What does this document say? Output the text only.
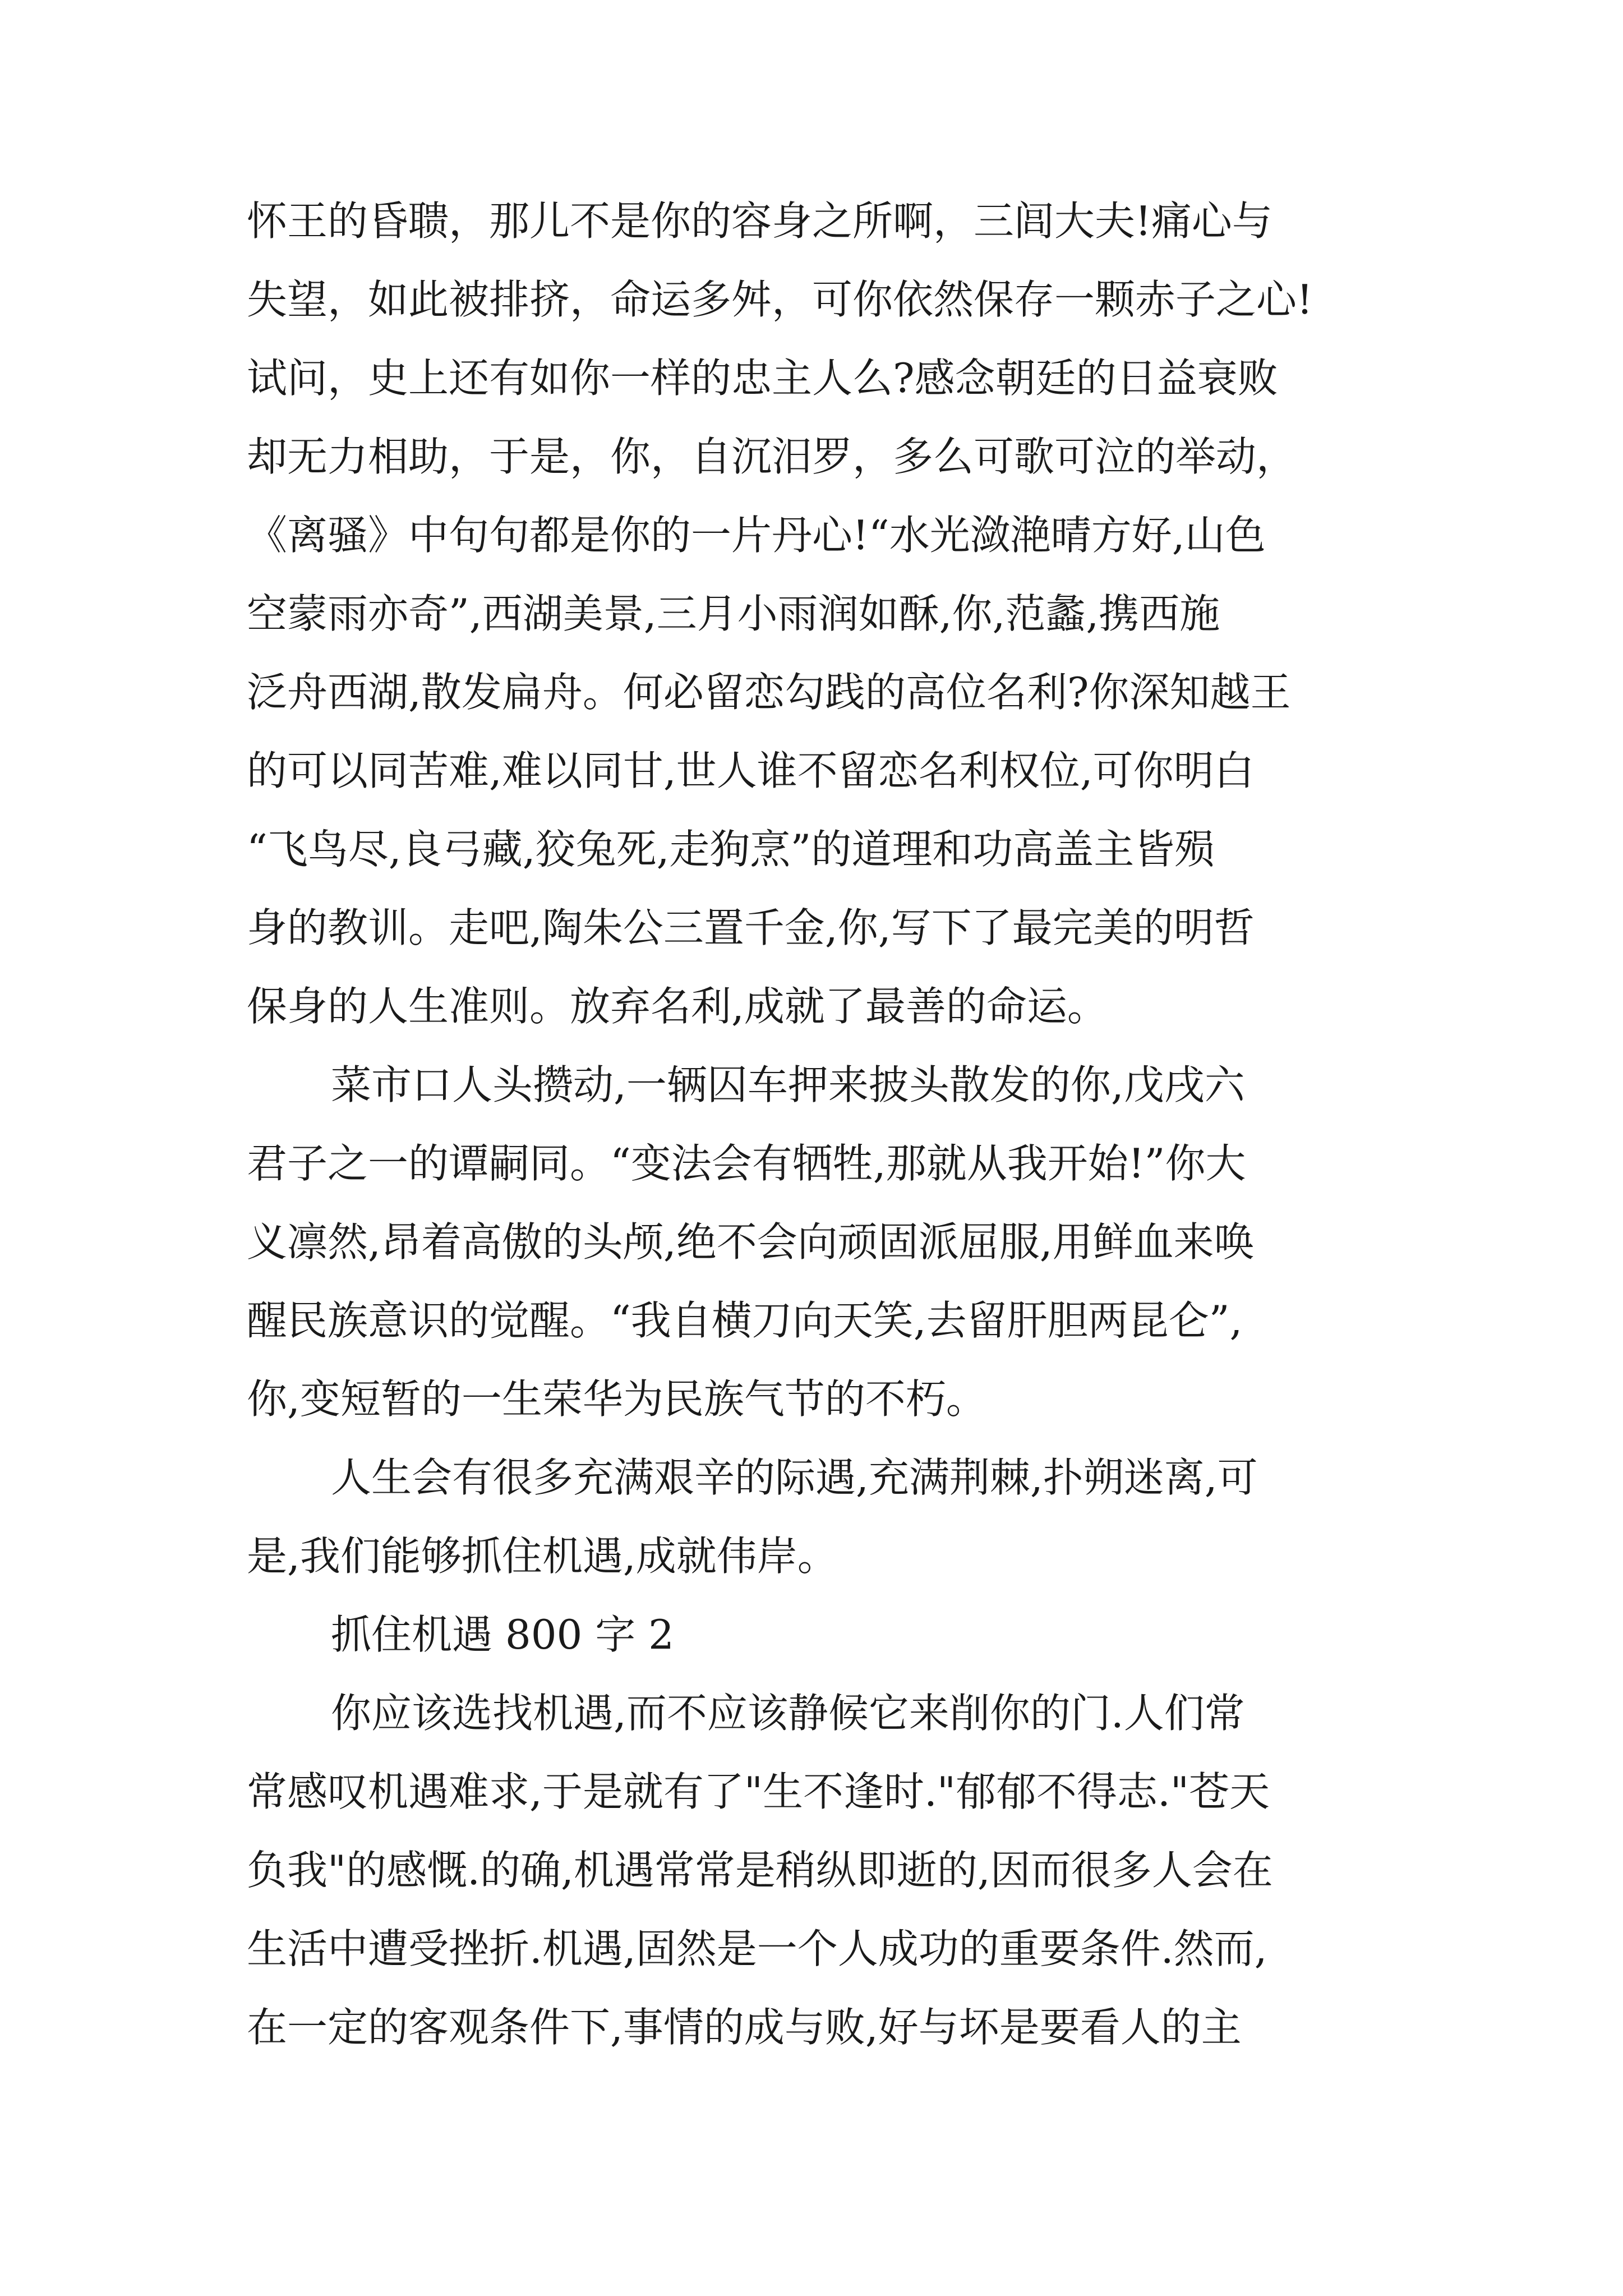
怀王的昏聩，那儿不是你的容身之所啊，三闾大夫!痛心与
失望，如此被排挤，命运多舛，可你依然保存一颗赤子之心!
试问，史上还有如你一样的忠主人么?感念朝廷的日益衰败
却无力相助，于是，你，自沉汨罗，多么可歌可泣的举动，
《离骚》中句句都是你的一片丹心!“水光潋滟晴方好,山色
空蒙雨亦奇”,西湖美景,三月小雨润如酥,你,范蠡,携西施
泛舟西湖,散发扁舟。何必留恋勾践的高位名利?你深知越王
的可以同苦难,难以同甘,世人谁不留恋名利权位,可你明白
“飞鸟尽,良弓藏,狡兔死,走狗烹”的道理和功高盖主皆殒
身的教训。走吧,陶朱公三置千金,你,写下了最完美的明哲
保身的人生准则。放弃名利,成就了最善的命运。
菜市口人头攒动,一辆囚车押来披头散发的你,戊戌六
君子之一的谭嗣同。“变法会有牺牲,那就从我开始!”你大
义凛然,昂着高傲的头颅,绝不会向顽固派屈服,用鲜血来唤
醒民族意识的觉醒。“我自横刀向天笑,去留肝胆两昆仑”,
你,变短暂的一生荣华为民族气节的不朽。
人生会有很多充满艰辛的际遇,充满荆棘,扑朔迷离,可
是,我们能够抓住机遇,成就伟岸。
抓住机遇 800 字 2
你应该选找机遇,而不应该静候它来削你的门.人们常
常感叹机遇难求,于是就有了"生不逢时."郁郁不得志."苍天
负我"的感慨.的确,机遇常常是稍纵即逝的,因而很多人会在
生活中遭受挫折.机遇,固然是一个人成功的重要条件.然而,
在一定的客观条件下,事情的成与败,好与坏是要看人的主
